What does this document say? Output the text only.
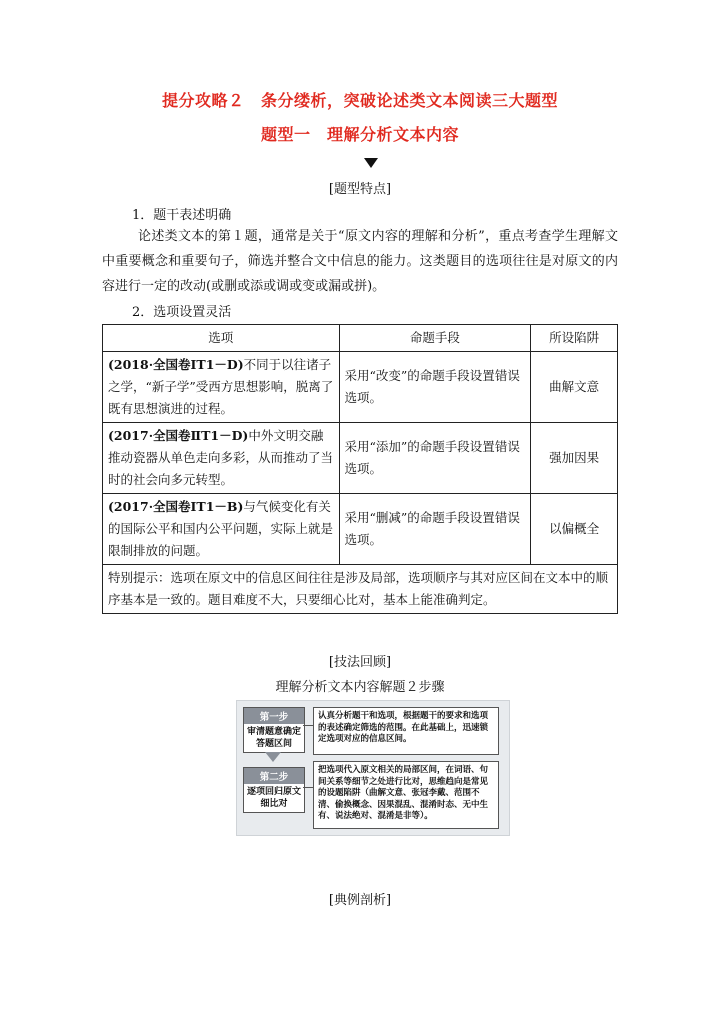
提分攻略２　条分缕析，突破论述类文本阅读三大题型
题型一　理解分析文本内容
[题型特点]
1．题干表述明确
论述类文本的第１题，通常是关于“原文内容的理解和分析”，重点考查学生理解文中重要概念和重要句子，筛选并整合文中信息的能力。这类题目的选项往往是对原文的内容进行一定的改动(或删或添或调或变或漏或拼)。
2．选项设置灵活
选项	命题手段	所设陷阱
(2018·全国卷ⅠT1－D)不同于以往诸子之学，“新子学”受西方思想影响，脱离了既有思想演进的过程。	采用“改变”的命题手段设置错误选项。	曲解文意
(2017·全国卷ⅡT1－D)中外文明交融推动瓷器从单色走向多彩，从而推动了当时的社会向多元转型。	采用“添加”的命题手段设置错误选项。	强加因果
(2017·全国卷ⅠT1－B)与气候变化有关的国际公平和国内公平问题，实际上就是限制排放的问题。	采用“删减”的命题手段设置错误选项。	以偏概全
特别提示：选项在原文中的信息区间往往是涉及局部，选项顺序与其对应区间在文本中的顺序基本是一致的。题目难度不大，只要细心比对，基本上能准确判定。		
[技法回顾]
理解分析文本内容解题２步骤
第一步
审清题意确定答题区间
认真分析题干和选项，根据题干的要求和选项的表述确定筛选的范围。在此基础上，迅速锁定选项对应的信息区间。
第二步
逐项回归原文细比对
把选项代入原文相关的局部区间，在词语、句间关系等细节之处进行比对，思维趋向是常见的设题陷阱（曲解文意、张冠李戴、范围不清、偷换概念、因果混乱、混淆时态、无中生有、说法绝对、混淆是非等）。
[典例剖析]
